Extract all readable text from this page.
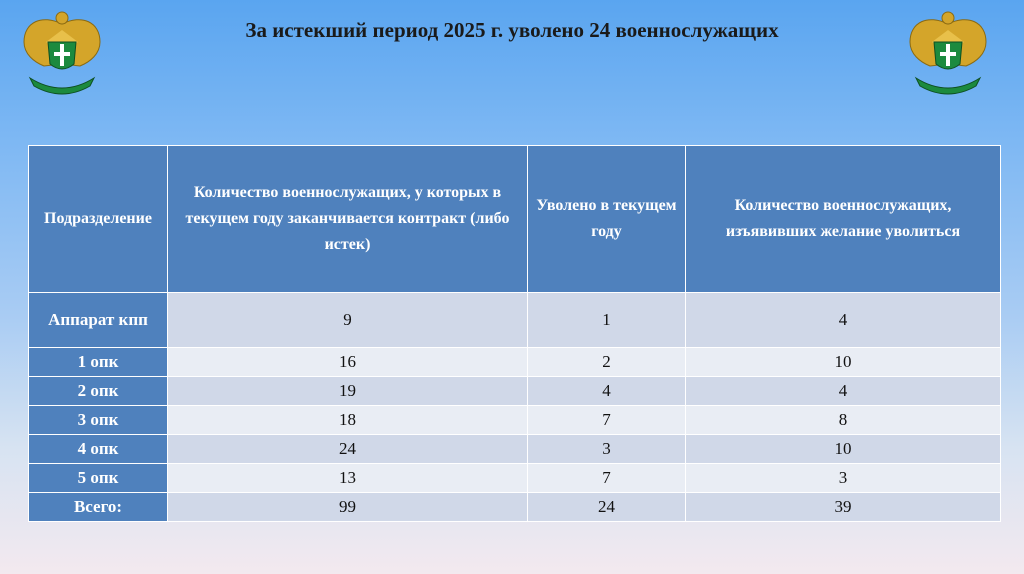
За истекший период 2025 г. уволено 24 военнослужащих
Подразделение	Количество военнослужащих, у которых в текущем году заканчивается контракт (либо истек)	Уволено в текущем году	Количество военнослужащих, изъявивших желание уволиться
Аппарат кпп	9	1	4
1 опк	16	2	10
2 опк	19	4	4
3 опк	18	7	8
4 опк	24	3	10
5 опк	13	7	3
Всего:	99	24	39
